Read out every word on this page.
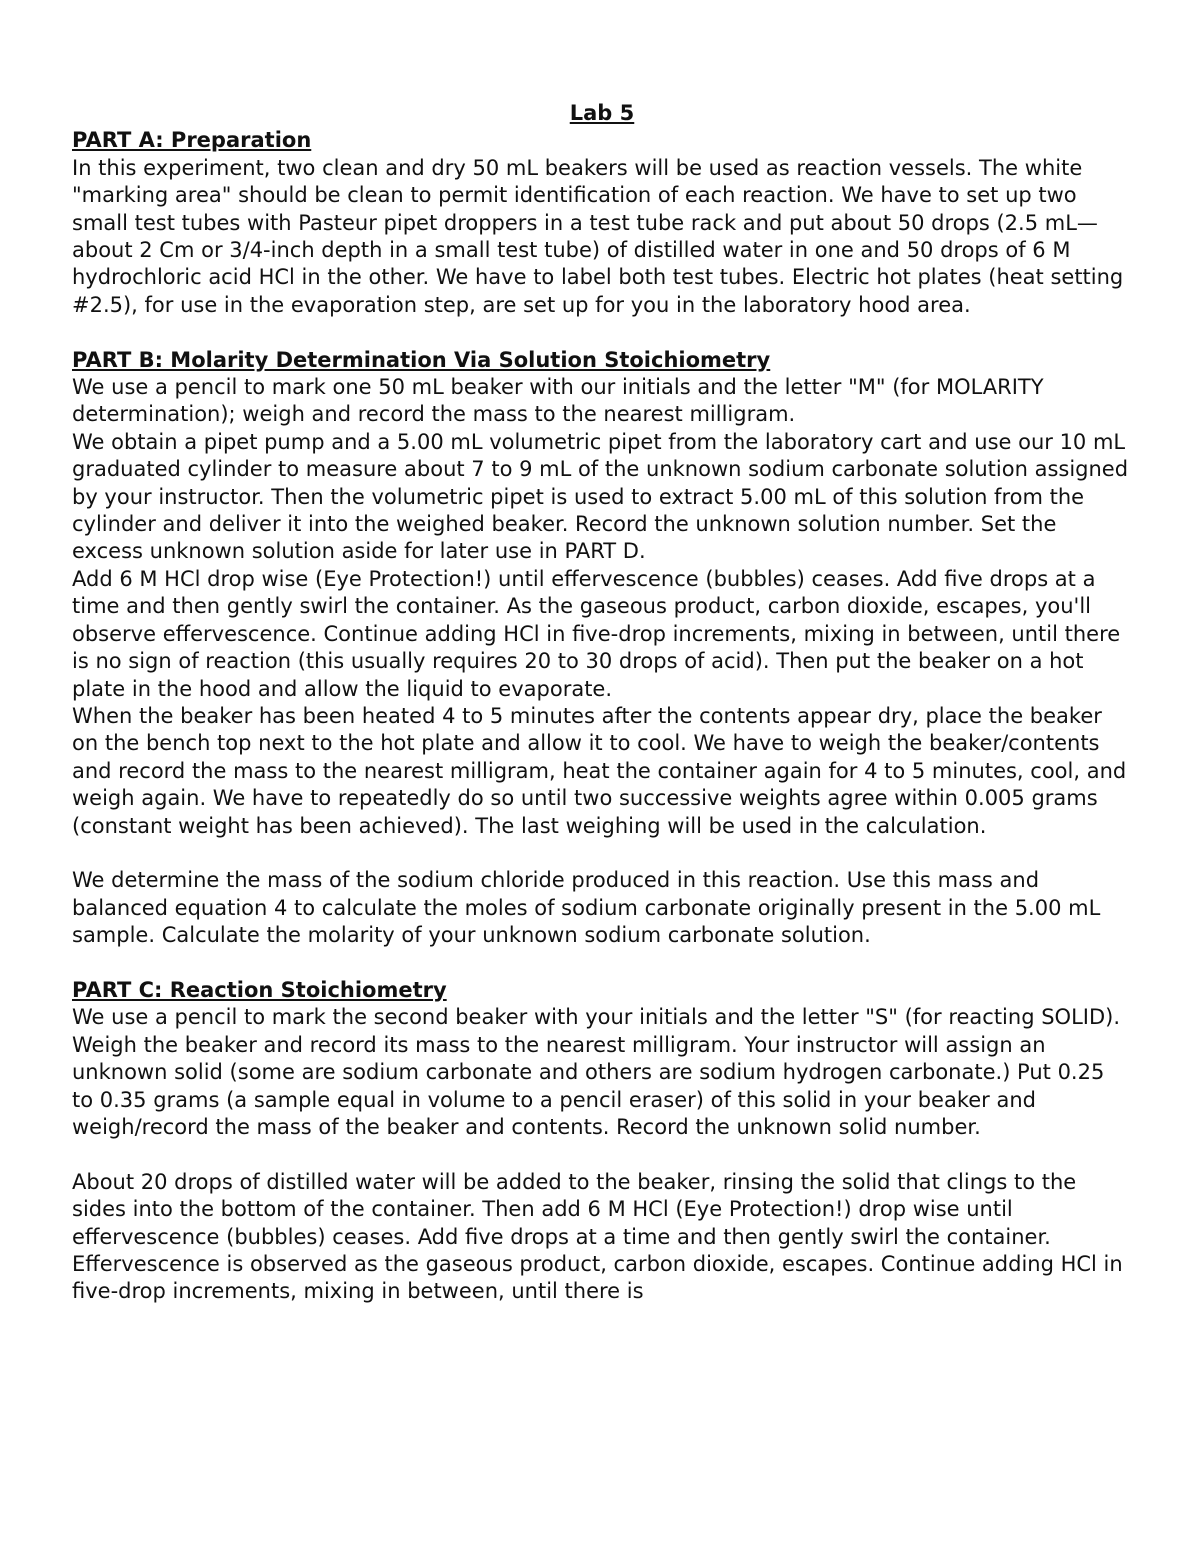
Lab 5

PART A: Preparation

In this experiment, two clean and dry 50 mL beakers will be used as reaction vessels. The white "marking area" should be clean to permit identification of each reaction. We have to set up two small test tubes with Pasteur pipet droppers in a test tube rack and put about 50 drops (2.5 mL—about 2 Cm or 3/4-inch depth in a small test tube) of distilled water in one and 50 drops of 6 M hydrochloric acid HCl in the other. We have to label both test tubes. Electric hot plates (heat setting #2.5), for use in the evaporation step, are set up for you in the laboratory hood area.

PART B: Molarity Determination Via Solution Stoichiometry

We use a pencil to mark one 50 mL beaker with our initials and the letter "M" (for MOLARITY determination); weigh and record the mass to the nearest milligram.

We obtain a pipet pump and a 5.00 mL volumetric pipet from the laboratory cart and use our 10 mL graduated cylinder to measure about 7 to 9 mL of the unknown sodium carbonate solution assigned by your instructor. Then the volumetric pipet is used to extract 5.00 mL of this solution from the cylinder and deliver it into the weighed beaker. Record the unknown solution number. Set the excess unknown solution aside for later use in PART D.

Add 6 M HCl drop wise (Eye Protection!) until effervescence (bubbles) ceases. Add five drops at a time and then gently swirl the container. As the gaseous product, carbon dioxide, escapes, you'll observe effervescence. Continue adding HCl in five-drop increments, mixing in between, until there is no sign of reaction (this usually requires 20 to 30 drops of acid). Then put the beaker on a hot plate in the hood and allow the liquid to evaporate.

When the beaker has been heated 4 to 5 minutes after the contents appear dry, place the beaker on the bench top next to the hot plate and allow it to cool. We have to weigh the beaker/contents and record the mass to the nearest milligram, heat the container again for 4 to 5 minutes, cool, and weigh again. We have to repeatedly do so until two successive weights agree within 0.005 grams (constant weight has been achieved). The last weighing will be used in the calculation.

We determine the mass of the sodium chloride produced in this reaction. Use this mass and balanced equation 4 to calculate the moles of sodium carbonate originally present in the 5.00 mL sample. Calculate the molarity of your unknown sodium carbonate solution.

PART C: Reaction Stoichiometry

We use a pencil to mark the second beaker with your initials and the letter "S" (for reacting SOLID). Weigh the beaker and record its mass to the nearest milligram. Your instructor will assign an unknown solid (some are sodium carbonate and others are sodium hydrogen carbonate.) Put 0.25 to 0.35 grams (a sample equal in volume to a pencil eraser) of this solid in your beaker and weigh/record the mass of the beaker and contents. Record the unknown solid number.

About 20 drops of distilled water will be added to the beaker, rinsing the solid that clings to the sides into the bottom of the container. Then add 6 M HCl (Eye Protection!) drop wise until effervescence (bubbles) ceases. Add five drops at a time and then gently swirl the container. Effervescence is observed as the gaseous product, carbon dioxide, escapes. Continue adding HCl in five-drop increments, mixing in between, until there is
